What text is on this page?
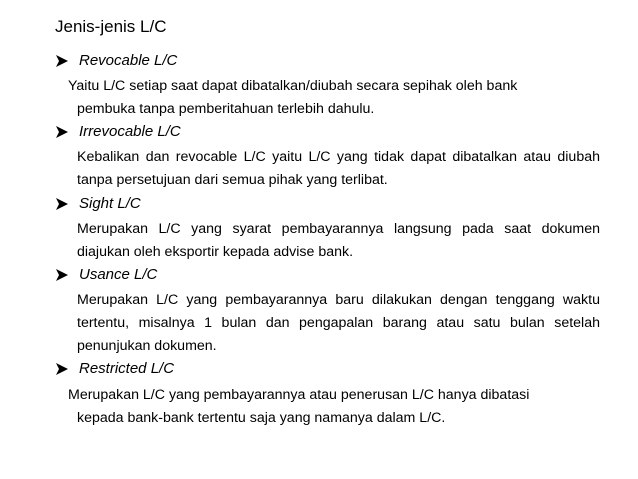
Jenis-jenis L/C
Revocable L/C
Yaitu L/C setiap saat dapat dibatalkan/diubah secara sepihak oleh bank
pembuka tanpa pemberitahuan terlebih dahulu.
Irrevocable L/C
Kebalikan dan revocable L/C yaitu L/C yang tidak dapat dibatalkan atau diubah tanpa persetujuan dari semua pihak yang terlibat.
Sight L/C
Merupakan L/C yang syarat pembayarannya langsung pada saat dokumen diajukan oleh eksportir kepada advise bank.
Usance L/C
Merupakan L/C yang pembayarannya baru dilakukan dengan tenggang waktu tertentu, misalnya 1 bulan dan pengapalan barang atau satu bulan setelah penunjukan dokumen.
Restricted L/C
Merupakan L/C yang pembayarannya atau penerusan L/C hanya dibatasi
kepada bank-bank tertentu saja yang namanya dalam L/C.
